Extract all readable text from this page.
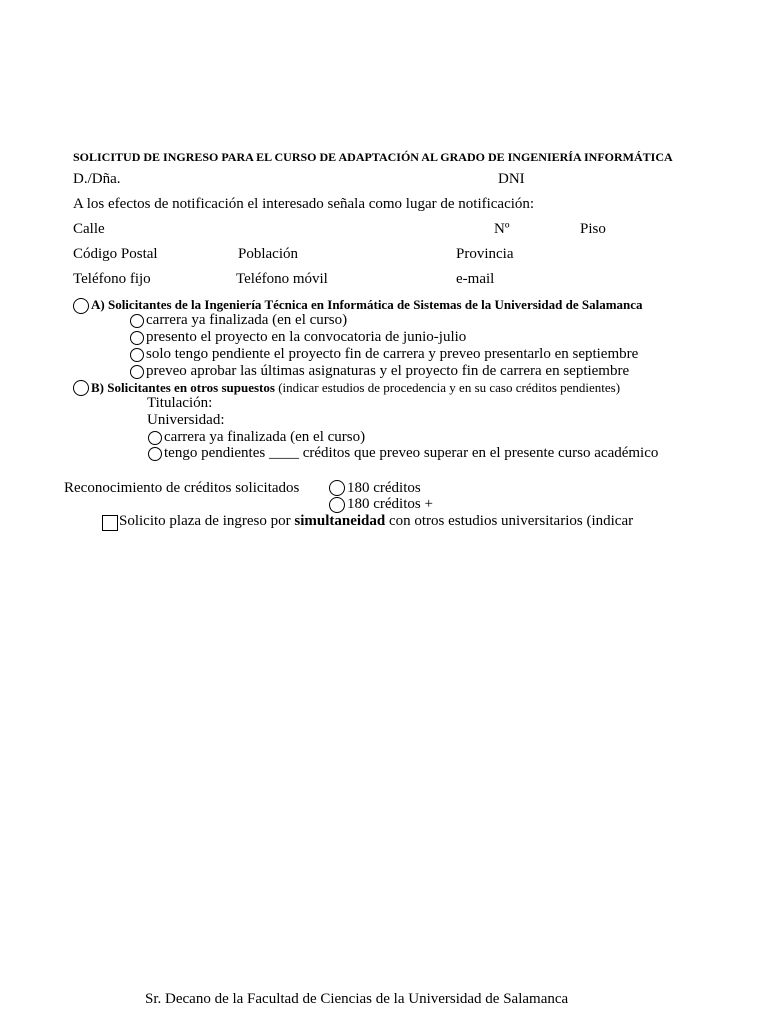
SOLICITUD DE INGRESO PARA EL CURSO DE ADAPTACIÓN AL GRADO DE INGENIERÍA INFORMÁTICA
D./Dña.	DNI
A los efectos de notificación el interesado señala como lugar de notificación:
Calle	Nº	Piso
Código Postal	Población	Provincia
Teléfono fijo	Teléfono móvil	e-mail
A) Solicitantes de la Ingeniería Técnica en Informática de Sistemas de la Universidad de Salamanca
carrera ya finalizada (en el curso)
presento el proyecto en la convocatoria de junio-julio
solo tengo pendiente el proyecto fin de carrera y preveo presentarlo en septiembre
preveo aprobar las últimas asignaturas y el proyecto fin de carrera en septiembre
B) Solicitantes en otros supuestos (indicar estudios de procedencia y en su caso créditos pendientes)
Titulación:
Universidad:
carrera ya finalizada (en el curso)
tengo pendientes ____ créditos que preveo superar en el presente curso académico
Reconocimiento de créditos solicitados	180 créditos
180 créditos +
Solicito plaza de ingreso por simultaneidad con otros estudios universitarios (indicar
Sr. Decano de la Facultad de Ciencias de la Universidad de Salamanca
